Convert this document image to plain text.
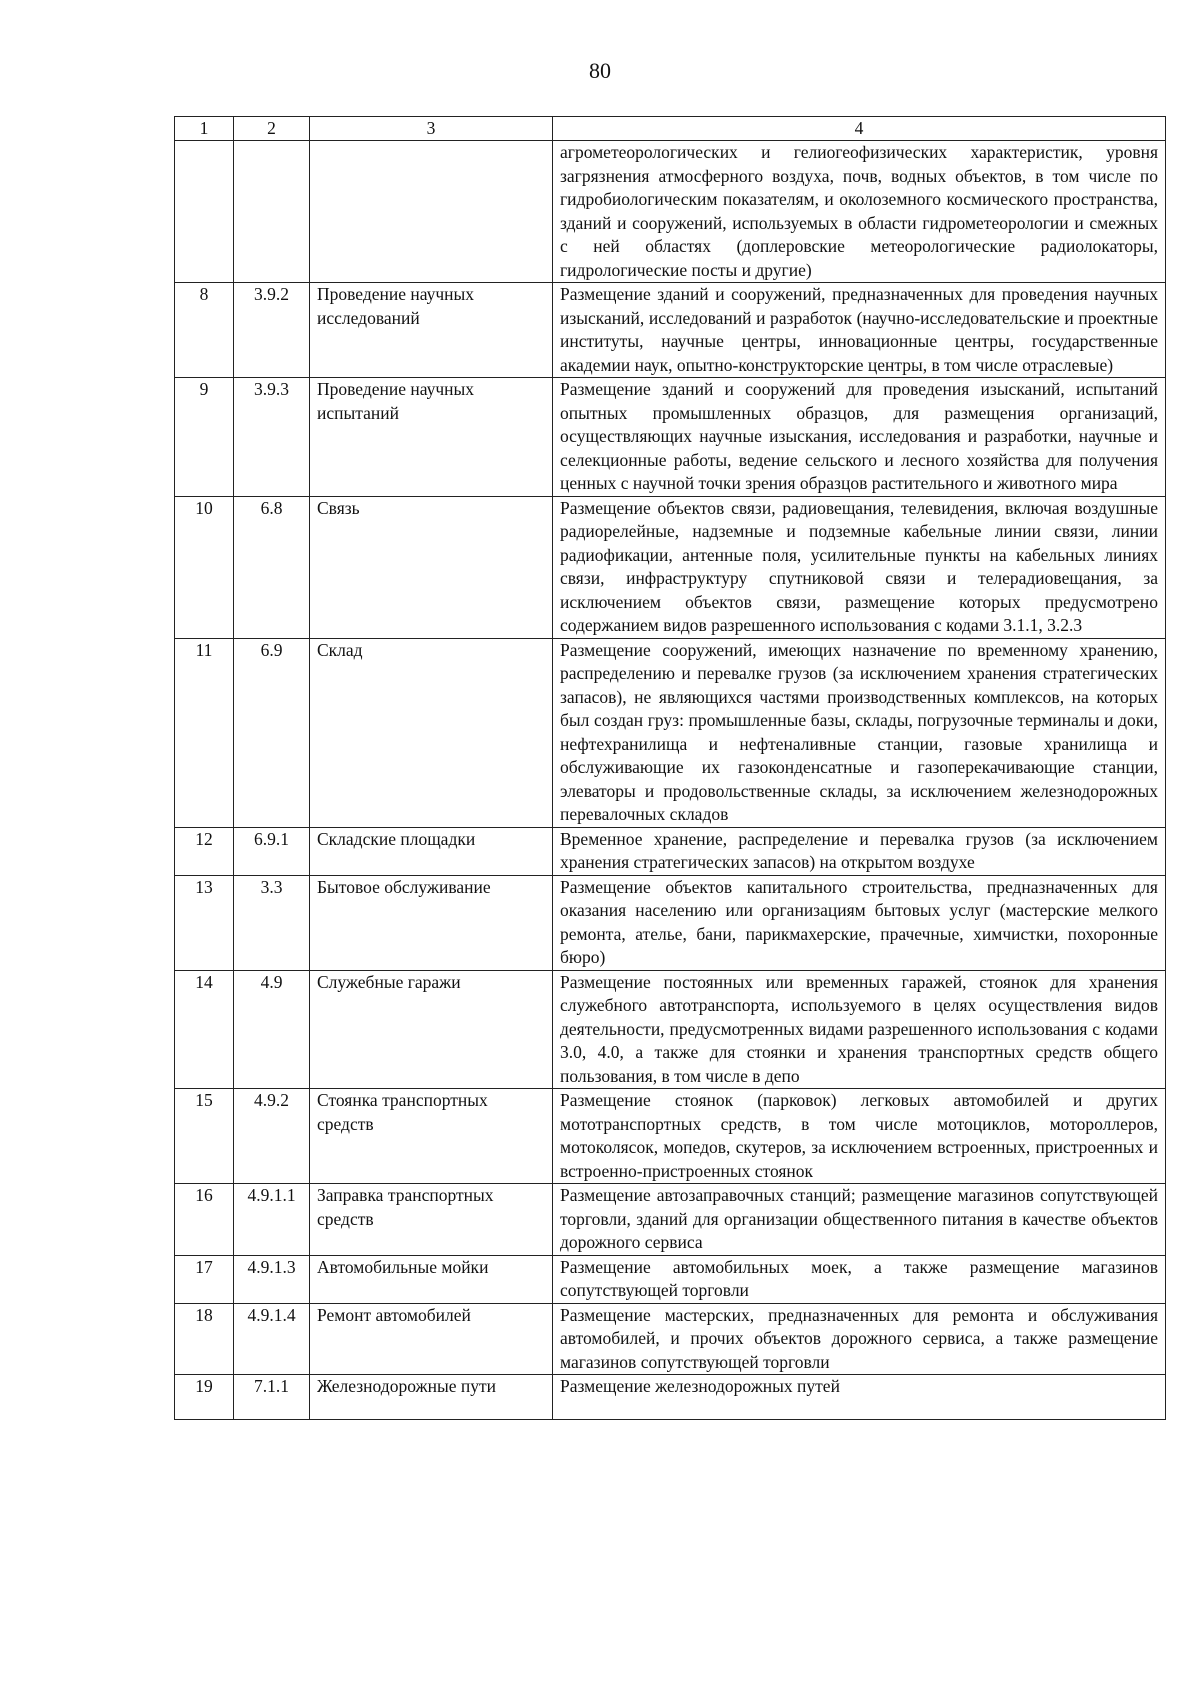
80
1	2	3	4
			агрометеорологических и гелиогеофизических характеристик, уровня загрязнения атмосферного воздуха, почв, водных объектов, в том числе по гидробиологическим показателям, и околоземного космического пространства, зданий и сооружений, используемых в области гидрометеорологии и смежных с ней областях (доплеровские метеорологические радиолокаторы, гидрологические посты и другие)
8	3.9.2	Проведение научных исследований	Размещение зданий и сооружений, предназначенных для проведения научных изысканий, исследований и разработок (научно-исследовательские и проектные институты, научные центры, инновационные центры, государственные академии наук, опытно-конструкторские центры, в том числе отраслевые)
9	3.9.3	Проведение научных испытаний	Размещение зданий и сооружений для проведения изысканий, испытаний опытных промышленных образцов, для размещения организаций, осуществляющих научные изыскания, исследования и разработки, научные и селекционные работы, ведение сельского и лесного хозяйства для получения ценных с научной точки зрения образцов растительного и животного мира
10	6.8	Связь	Размещение объектов связи, радиовещания, телевидения, включая воздушные радиорелейные, надземные и подземные кабельные линии связи, линии радиофикации, антенные поля, усилительные пункты на кабельных линиях связи, инфраструктуру спутниковой связи и телерадиовещания, за исключением объектов связи, размещение которых предусмотрено содержанием видов разрешенного использования с кодами 3.1.1, 3.2.3
11	6.9	Склад	Размещение сооружений, имеющих назначение по временному хранению, распределению и перевалке грузов (за исключением хранения стратегических запасов), не являющихся частями производственных комплексов, на которых был создан груз: промышленные базы, склады, погрузочные терминалы и доки, нефтехранилища и нефтеналивные станции, газовые хранилища и обслуживающие их газоконденсатные и газоперекачивающие станции, элеваторы и продовольственные склады, за исключением железнодорожных перевалочных складов
12	6.9.1	Складские площадки	Временное хранение, распределение и перевалка грузов (за исключением хранения стратегических запасов) на открытом воздухе
13	3.3	Бытовое обслуживание	Размещение объектов капитального строительства, предназначенных для оказания населению или организациям бытовых услуг (мастерские мелкого ремонта, ателье, бани, парикмахерские, прачечные, химчистки, похоронные бюро)
14	4.9	Служебные гаражи	Размещение постоянных или временных гаражей, стоянок для хранения служебного автотранспорта, используемого в целях осуществления видов деятельности, предусмотренных видами разрешенного использования с кодами 3.0, 4.0, а также для стоянки и хранения транспортных средств общего пользования, в том числе в депо
15	4.9.2	Стоянка транспортных средств	Размещение стоянок (парковок) легковых автомобилей и других мототранспортных средств, в том числе мотоциклов, мотороллеров, мотоколясок, мопедов, скутеров, за исключением встроенных, пристроенных и встроенно-пристроенных стоянок
16	4.9.1.1	Заправка транспортных средств	Размещение автозаправочных станций; размещение магазинов сопутствующей торговли, зданий для организации общественного питания в качестве объектов дорожного сервиса
17	4.9.1.3	Автомобильные мойки	Размещение автомобильных моек, а также размещение магазинов сопутствующей торговли
18	4.9.1.4	Ремонт автомобилей	Размещение мастерских, предназначенных для ремонта и обслуживания автомобилей, и прочих объектов дорожного сервиса, а также размещение магазинов сопутствующей торговли
19	7.1.1	Железнодорожные пути	Размещение железнодорожных путей
